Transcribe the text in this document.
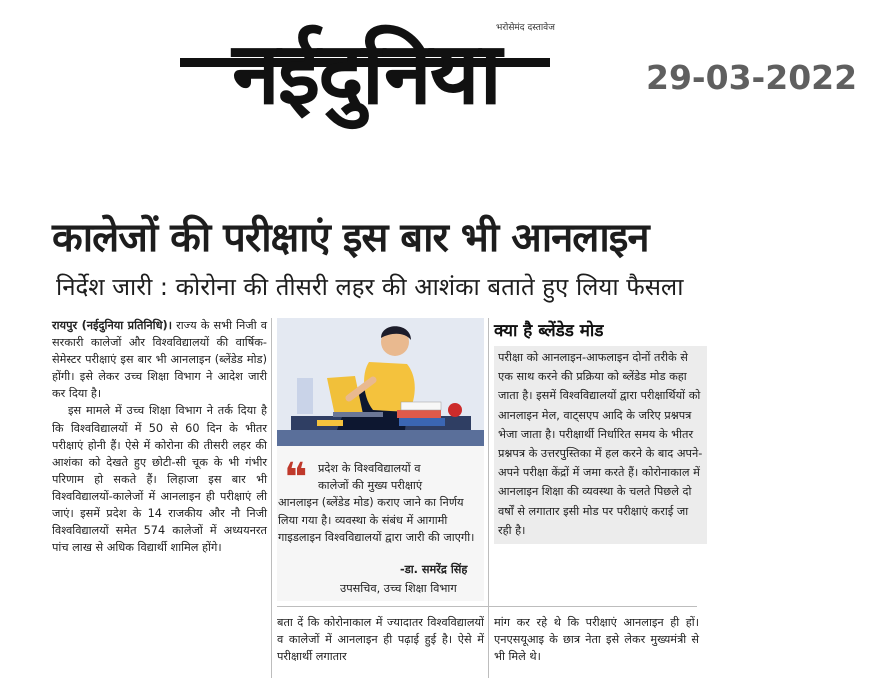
नईदुनिया
भरोसेमंद दस्तावेज
29-03-2022
कालेजों की परीक्षाएं इस बार भी आनलाइन
निर्देश जारी : कोरोना की तीसरी लहर की आशंका बताते हुए लिया फैसला

रायपुर (नईदुनिया प्रतिनिधि)। राज्य के सभी निजी व सरकारी कालेजों और विश्वविद्यालयों की वार्षिक-सेमेस्टर परीक्षाएं इस बार भी आनलाइन (ब्लेंडेड मोड) होंगी। इसे लेकर उच्च शिक्षा विभाग ने आदेश जारी कर दिया है।

इस मामले में उच्च शिक्षा विभाग ने तर्क दिया है कि विश्वविद्यालयों में 50 से 60 दिन के भीतर परीक्षाएं होनी हैं। ऐसे में कोरोना की तीसरी लहर की आशंका को देखते हुए छोटी-सी चूक के भी गंभीर परिणाम हो सकते हैं। लिहाजा इस बार भी विश्वविद्यालयों-कालेजों में आनलाइन ही परीक्षाएं ली जाएं। इसमें प्रदेश के 14 राजकीय और नौ निजी विश्वविद्यालयों समेत 574 कालेजों में अध्ययनरत पांच लाख से अधिक विद्यार्थी शामिल होंगे।

❝ प्रदेश के विश्वविद्यालयों व
कालेजों की मुख्य परीक्षाएं
आनलाइन (ब्लेंडेड मोड) कराए जाने का निर्णय लिया गया है। व्यवस्था के संबंध में आगामी गाइडलाइन विश्वविद्यालयों द्वारा जारी की जाएगी।
-डा. समरेंद्र सिंह
उपसचिव, उच्च शिक्षा विभाग
क्या है ब्लेंडेड मोड

परीक्षा को आनलाइन-आफलाइन दोनों तरीके से एक साथ करने की प्रक्रिया को ब्लेंडेड मोड कहा जाता है। इसमें विश्वविद्यालयों द्वारा परीक्षार्थियों को आनलाइन मेल, वाट्सएप आदि के जरिए प्रश्नपत्र भेजा जाता है। परीक्षार्थी निर्धारित समय के भीतर प्रश्नपत्र के उत्तरपुस्तिका में हल करने के बाद अपने-अपने परीक्षा केंद्रों में जमा करते हैं। कोरोनाकाल में आनलाइन शिक्षा की व्यवस्था के चलते पिछले दो वर्षों से लगातार इसी मोड पर परीक्षाएं कराई जा रही है।

बता दें कि कोरोनाकाल में ज्यादातर विश्वविद्यालयों व कालेजों में आनलाइन ही पढ़ाई हुई है। ऐसे में परीक्षार्थी लगातार

मांग कर रहे थे कि परीक्षाएं आनलाइन ही हों। एनएसयूआइ के छात्र नेता इसे लेकर मुख्यमंत्री से भी मिले थे।
